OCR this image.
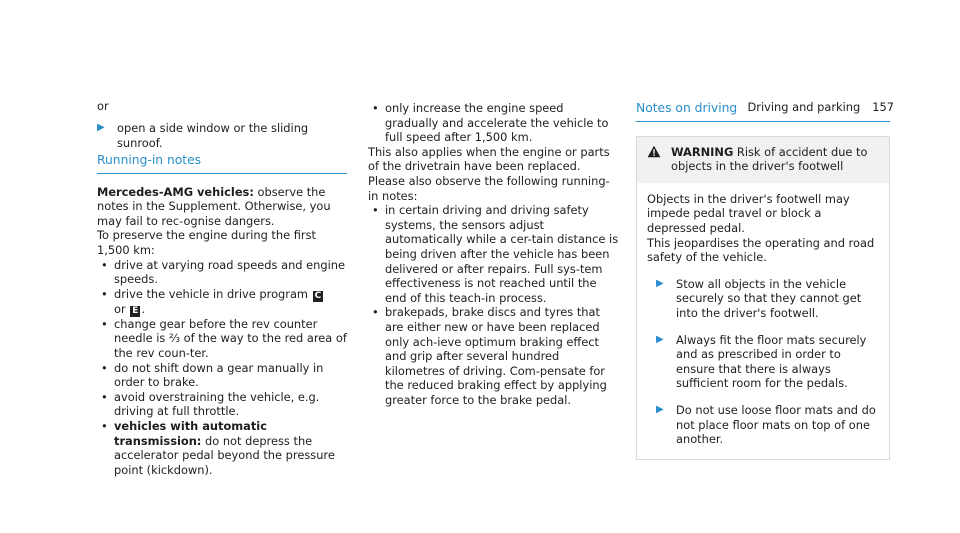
Driving and parking 157

or

▶ open a side window or the sliding sunroof.

Running-in notes

Mercedes-AMG vehicles: observe the notes in the Supplement. Otherwise, you may fail to rec-ognise dangers.

To preserve the engine during the first 1,500 km:

• drive at varying road speeds and engine speeds.
• drive the vehicle in drive program C
or E .
• change gear before the rev counter needle is ⅔ of the way to the red area of the rev coun-ter.
• do not shift down a gear manually in order to brake.
• avoid overstraining the vehicle, e.g. driving at full throttle.
• vehicles with automatic transmission: do not depress the accelerator pedal beyond the pressure point (kickdown).
• only increase the engine speed gradually and accelerate the vehicle to full speed after 1,500 km.

This also applies when the engine or parts of the drivetrain have been replaced.

Please also observe the following running-in notes:

• in certain driving and driving safety systems, the sensors adjust automatically while a cer-tain distance is being driven after the vehicle has been delivered or after repairs. Full sys-tem effectiveness is not reached until the end of this teach-in process.
• brakepads, brake discs and tyres that are either new or have been replaced only ach-ieve optimum braking effect and grip after several hundred kilometres of driving. Com-pensate for the reduced braking effect by applying greater force to the brake pedal.
Notes on driving

WARNING Risk of accident due to objects in the driver's footwell

Objects in the driver's footwell may impede pedal travel or block a depressed pedal.

This jeopardises the operating and road safety of the vehicle.

▶ Stow all objects in the vehicle securely so that they cannot get into the driver's footwell.

▶ Always fit the floor mats securely and as prescribed in order to ensure that there is always sufficient room for the pedals.

▶ Do not use loose floor mats and do not place floor mats on top of one another.
